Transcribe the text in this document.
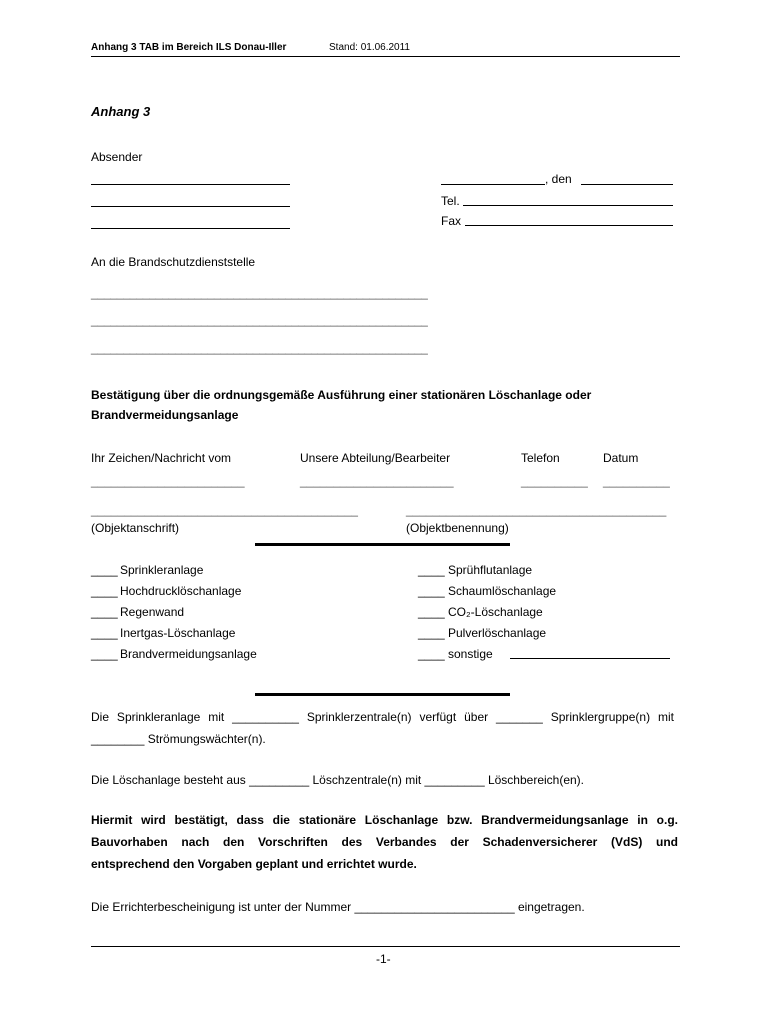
Anhang 3 TAB im Bereich ILS Donau-Iller	Stand: 01.06.2011
Anhang 3
Absender
, den
Tel.
Fax
An die Brandschutzdienststelle
____________________________________________________
____________________________________________________
____________________________________________________
Bestätigung über die ordnungsgemäße Ausführung einer stationären Löschanlage oder
Brandvermeidungsanlage
Ihr Zeichen/Nachricht vom	Unsere Abteilung/Bearbeiter	Telefon	Datum
_______________________	_______________________	__________ __________
________________________________________	_______________________________________
(Objektanschrift)	(Objektbenennung)
____ Sprinkleranlage
____ Hochdrucklöschanlage
____ Regenwand
____ Inertgas-Löschanlage
____ Brandvermeidungsanlage
____ Sprühflutanlage
____ Schaumlöschanlage
____ CO₂-Löschanlage
____ Pulverlöschanlage
____ sonstige
Die Sprinkleranlage mit __________ Sprinklerzentrale(n) verfügt über _______ Sprinklergruppe(n) mit
________ Strömungswächter(n).
Die Löschanlage besteht aus _________ Löschzentrale(n) mit _________ Löschbereich(en).
Hiermit wird bestätigt, dass die stationäre Löschanlage bzw. Brandvermeidungsanlage in o.g.
Bauvorhaben nach den Vorschriften des Verbandes der Schadenversicherer (VdS) und
entsprechend den Vorgaben geplant und errichtet wurde.
Die Errichterbescheinigung ist unter der Nummer ________________________ eingetragen.
-1-
